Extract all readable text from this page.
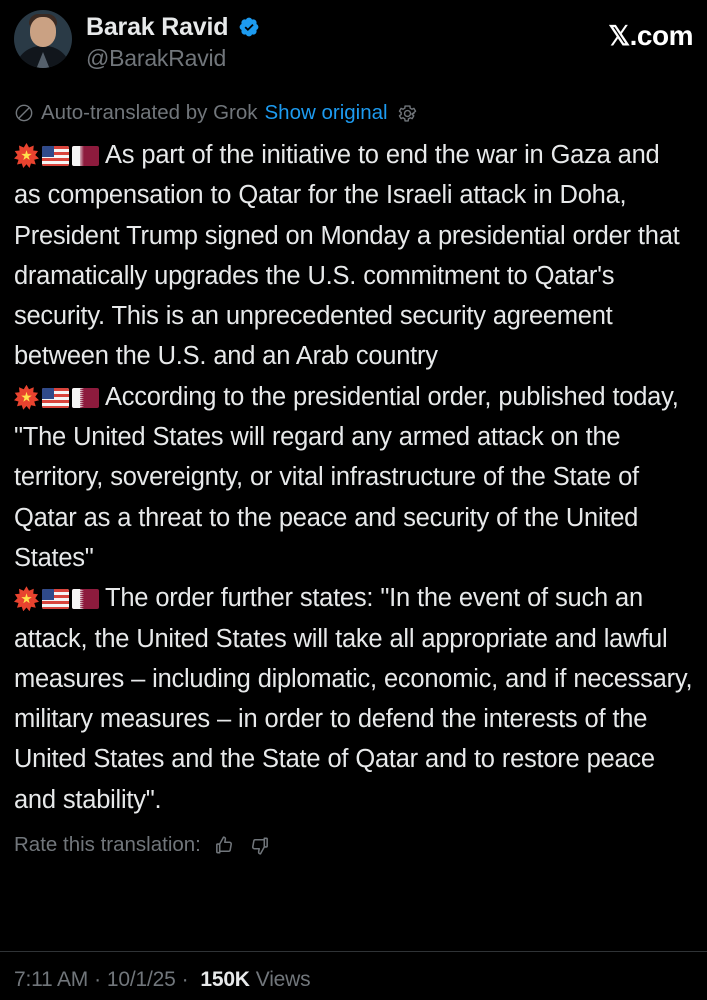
Barak Ravid
@BarakRavid
𝕏 .com
Auto-translated by Grok Show original
As part of the initiative to end the war in Gaza and as compensation to Qatar for the Israeli attack in Doha, President Trump signed on Monday a presidential order that dramatically upgrades the U.S. commitment to Qatar's security. This is an unprecedented security agreement between the U.S. and an Arab country
According to the presidential order, published today, "The United States will regard any armed attack on the territory, sovereignty, or vital infrastructure of the State of Qatar as a threat to the peace and security of the United States"
The order further states: "In the event of such an attack, the United States will take all appropriate and lawful measures – including diplomatic, economic, and if necessary, military measures – in order to defend the interests of the United States and the State of Qatar and to restore peace and stability".
Rate this translation:
7:11 AM · 10/1/25 · 150K Views
